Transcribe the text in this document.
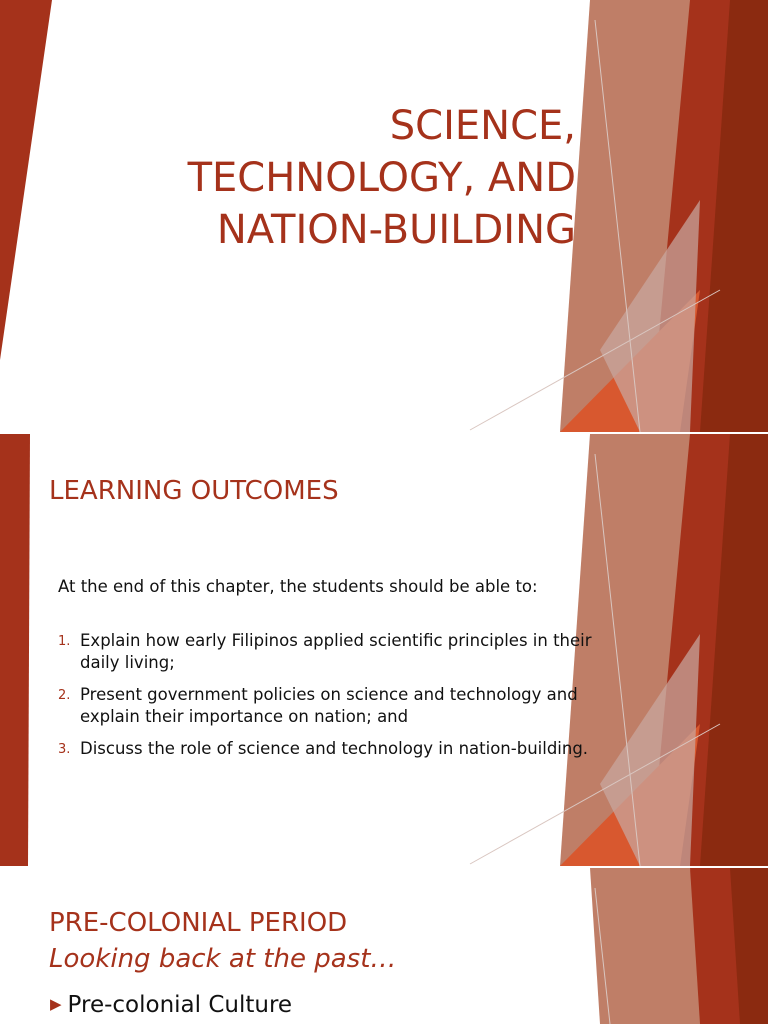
SCIENCE,
TECHNOLOGY, AND
NATION-BUILDING
LEARNING OUTCOMES

At the end of this chapter, the students should be able to:

1. Explain how early Filipinos applied scientific principles in their daily living;
2. Present government policies on science and technology and explain their importance on nation; and
3. Discuss the role of science and technology in nation-building.
PRE-COLONIAL PERIOD
Looking back at the past…
▶ Pre-colonial Culture
